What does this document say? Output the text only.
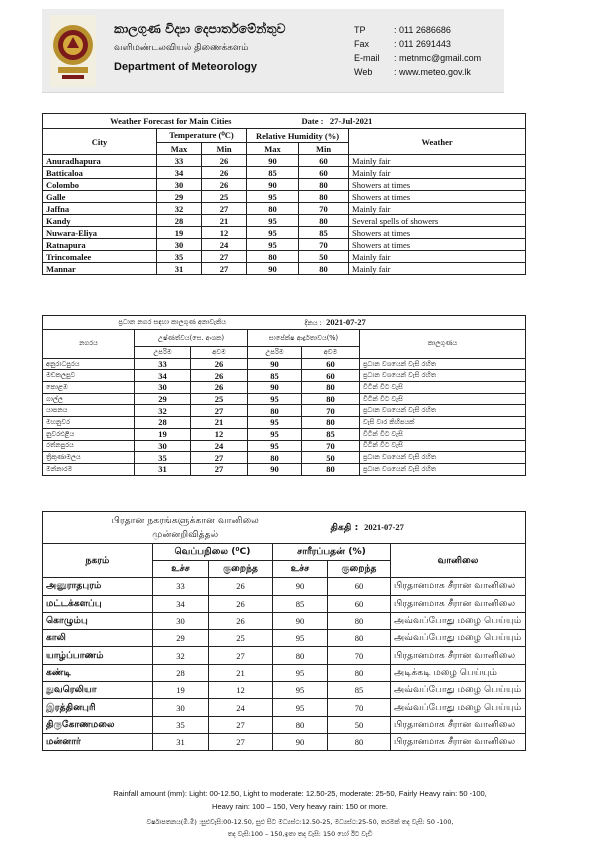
කාලගුණ විද්‍යා දෙපාර්තමේන්තුව
வளிமண்டலவியல் திணைக்களம்
Department of Meteorology
TP	: 011 2686686
Fax	: 011 2691443
E-mail	: metnmc@gmail.com
Web	: www.meteo.gov.lk
Weather Forecast for Main Cities				Date : 27-Jul-2021	
City	Temperature (⁰C)		Relative Humidity (%)		Weather
	Max	Min	Max	Min	
Anuradhapura	33	26	90	60	Mainly fair
Batticaloa	34	26	85	60	Mainly fair
Colombo	30	26	90	80	Showers at times
Galle	29	25	95	80	Showers at times
Jaffna	32	27	80	70	Mainly fair
Kandy	28	21	95	80	Several spells of showers
Nuwara-Eliya	19	12	95	85	Showers at times
Ratnapura	30	24	95	70	Showers at times
Trincomalee	35	27	80	50	Mainly fair
Mannar	31	27	90	80	Mainly fair
ප්‍රධාන නගර සඳහා කාලගුණ අනාවැකිය				දිනය : 2021-07-27	
නගරය	උෂ්ණත්වය(සෙ. අංශක)		සාපේක්ෂ ආර්ද්‍රතාවය(%)		කාලගුණය
	උපරිම	අවම	උපරිම	අවම	
අනුරාධපුරය	33	26	90	60	ප්‍රධාන වශයෙන් වැසි රහිත
මඩකලපුව	34	26	85	60	ප්‍රධාන වශයෙන් වැසි රහිත
කොළඹ	30	26	90	80	විටින් විට වැසි
ගාල්ල	29	25	95	80	විටින් විට වැසි
යාපනය	32	27	80	70	ප්‍රධාන වශයෙන් වැසි රහිත
මහනුවර	28	21	95	80	වැසි වාර කිහිපයක්
නුවරඑළිය	19	12	95	85	විටින් විට වැසි
රත්නපුරය	30	24	95	70	විටින් විට වැසි
ත්‍රිකුණාමලය	35	27	80	50	ප්‍රධාන වශයෙන් වැසි රහිත
මන්නාරම	31	27	90	80	ප්‍රධාන වශයෙන් වැසි රහිත
பிரதான நகரங்களுக்கான வானிலை
முன்னறிவித்தல்				திகதி : 2021-07-27	
நகரம்	வெப்பநிலை (⁰C)		சாரீரப்பதன் (%)		வானிலை
	உச்ச	குறைந்த	உச்ச	குறைந்த	
அனுராதபுரம்	33	26	90	60	பிரதானமாக சீரான வானிலை
மட்டக்களப்பு	34	26	85	60	பிரதானமாக சீரான வானிலை
கொழும்பு	30	26	90	80	அவ்வப்போது மழை பெய்யும்
காலி	29	25	95	80	அவ்வப்போது மழை பெய்யும்
யாழ்ப்பாணம்	32	27	80	70	பிரதானமாக சீரான வானிலை
கண்டி	28	21	95	80	அடிக்கடி மழை பெய்யும்
நுவரெலியா	19	12	95	85	அவ்வப்போது மழை பெய்யும்
இரத்தினபுரி	30	24	95	70	அவ்வப்போது மழை பெய்யும்
திருகோணமலை	35	27	80	50	பிரதானமாக சீரான வானிலை
மன்னார்	31	27	90	80	பிரதானமாக சீரான வானிலை
Rainfall amount (mm): Light: 00-12.50, Light to moderate: 12.50-25, moderate: 25-50, Fairly Heavy rain: 50 -100,
Heavy rain: 100 – 150, Very heavy rain: 150 or more.
වර්ෂාපතනය(මි.මී) :සුළුවැසි:00-12.50, සුළු සිට මධ්‍යස්ථ:12.50-25, මධ්‍යස්ථ:25-50, තරමක් තද වැසි: 50 -100,
තද වැසි:100 – 150,ඉතා තද වැසි: 150 හෝ ඊට වැඩි
